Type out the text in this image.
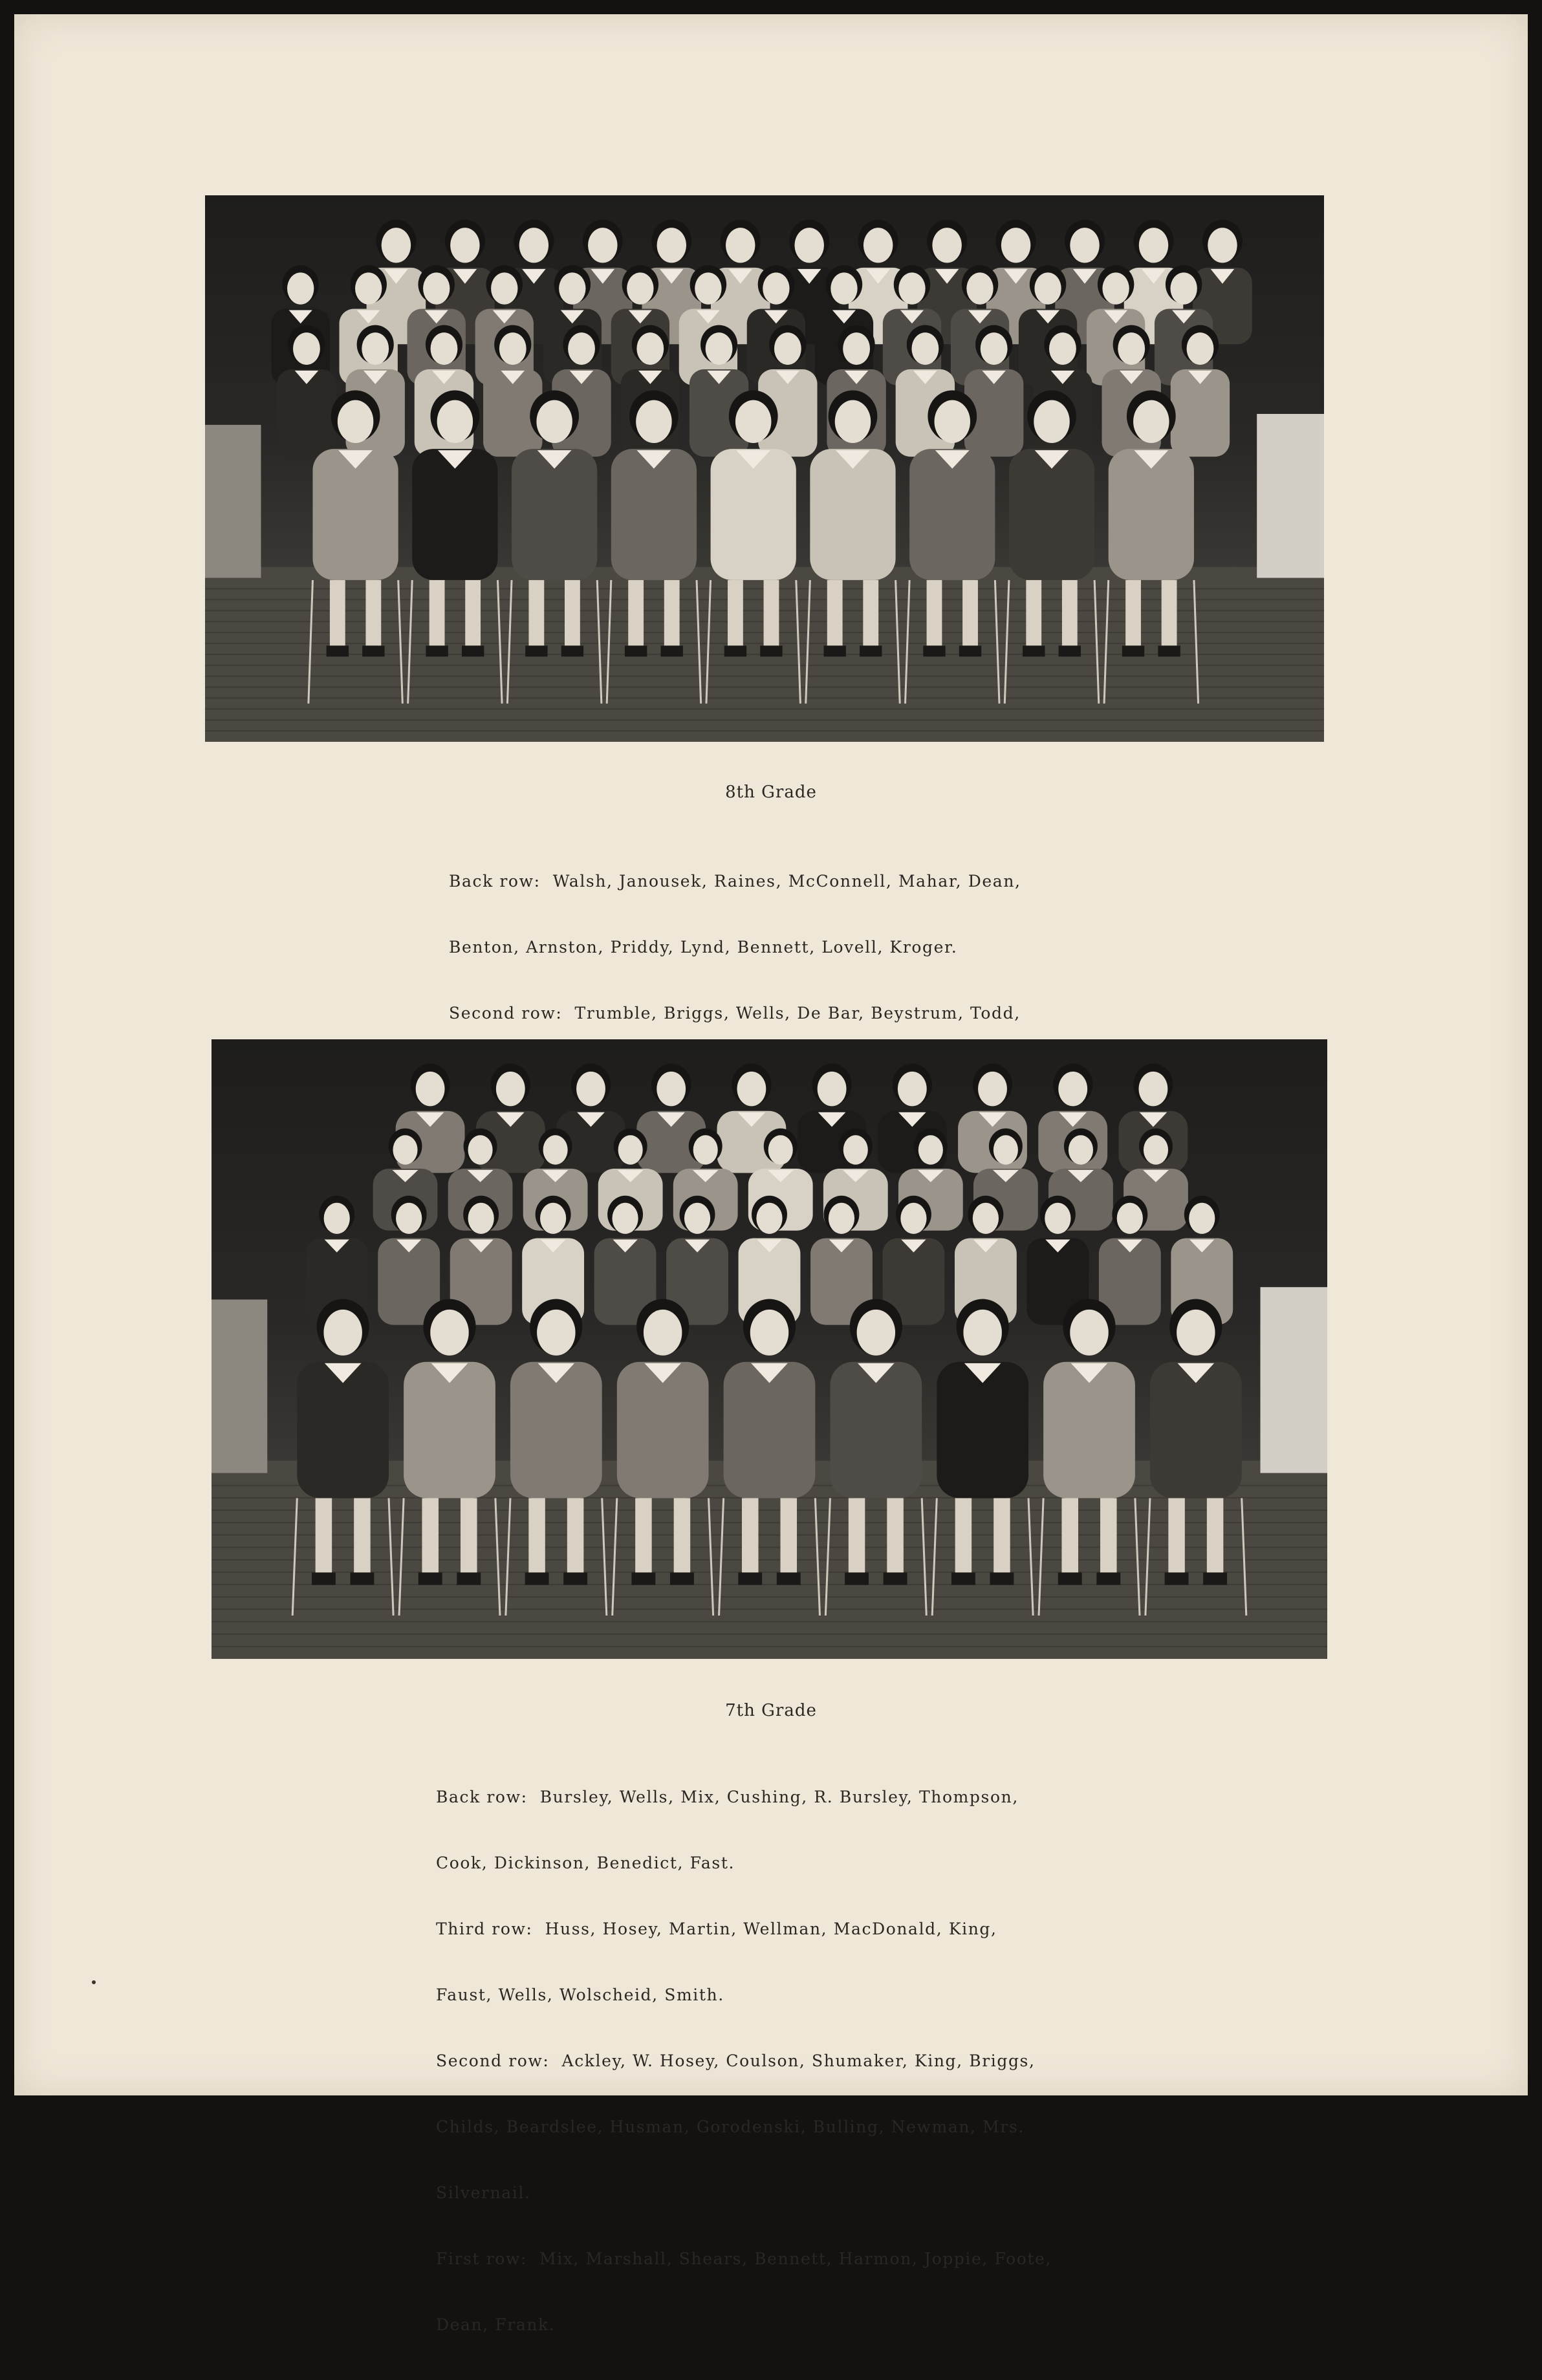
8th Grade

Back row:  Walsh, Janousek, Raines, McConnell, Mahar, Dean,

Benton, Arnston, Priddy, Lynd, Bennett, Lovell, Kroger.

Second row:  Trumble, Briggs, Wells, De Bar, Beystrum, Todd,

7th Grade

Back row:  Bursley, Wells, Mix, Cushing, R. Bursley, Thompson,

Cook, Dickinson, Benedict, Fast.

Third row:  Huss, Hosey, Martin, Wellman, MacDonald, King,

Faust, Wells, Wolscheid, Smith.

Second row:  Ackley, W. Hosey, Coulson, Shumaker, King, Briggs,

Childs, Beardslee, Husman, Gorodenski, Bulling, Newman, Mrs.

Silvernail.

First row:  Mix, Marshall, Shears, Bennett, Harmon, Joppie, Foote,

Dean, Frank.
